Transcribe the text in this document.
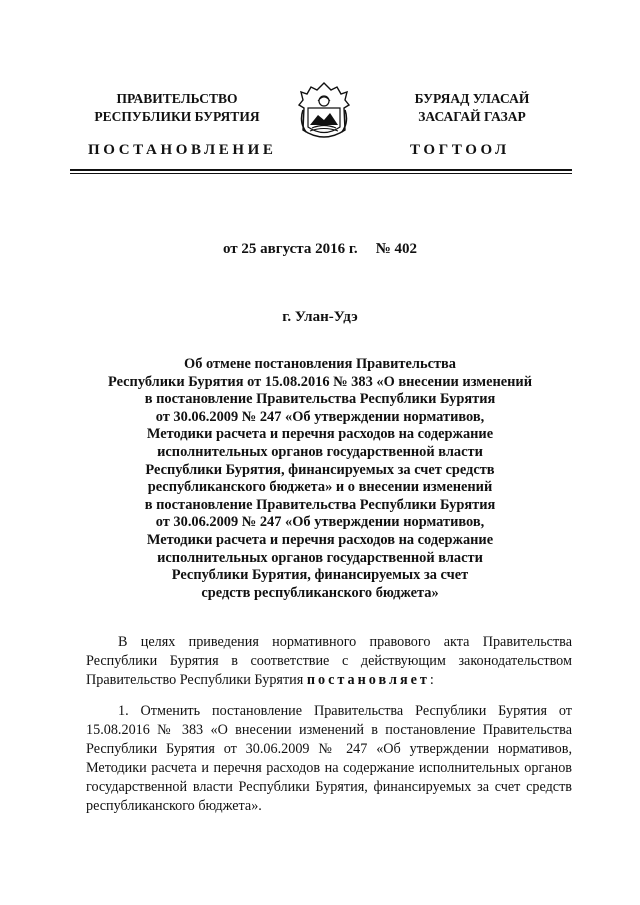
ПРАВИТЕЛЬСТВО
РЕСПУБЛИКИ БУРЯТИЯ
ПОСТАНОВЛЕНИЕ
БУРЯАД УЛАСАЙ
ЗАСАГАЙ ГАЗАР
ТОГТООЛ
от 25 августа 2016 г. № 402
г. Улан-Удэ
Об отмене постановления Правительства
Республики Бурятия от 15.08.2016 № 383 «О внесении изменений
в постановление Правительства Республики Бурятия
от 30.06.2009 № 247 «Об утверждении нормативов,
Методики расчета и перечня расходов на содержание
исполнительных органов государственной власти
Республики Бурятия, финансируемых за счет средств
республиканского бюджета» и о внесении изменений
в постановление Правительства Республики Бурятия
от 30.06.2009 № 247 «Об утверждении нормативов,
Методики расчета и перечня расходов на содержание
исполнительных органов государственной власти
Республики Бурятия, финансируемых за счет
средств республиканского бюджета»
В целях приведения нормативного правового акта Правительства Республики Бурятия в соответствие с действующим законодательством Правительство Республики Бурятия постановляет:
1. Отменить постановление Правительства Республики Бурятия от 15.08.2016 № 383 «О внесении изменений в постановление Правительства Республики Бурятия от 30.06.2009 № 247 «Об утверждении нормативов, Методики расчета и перечня расходов на содержание исполнительных органов государственной власти Республики Бурятия, финансируемых за счет средств республиканского бюджета».
